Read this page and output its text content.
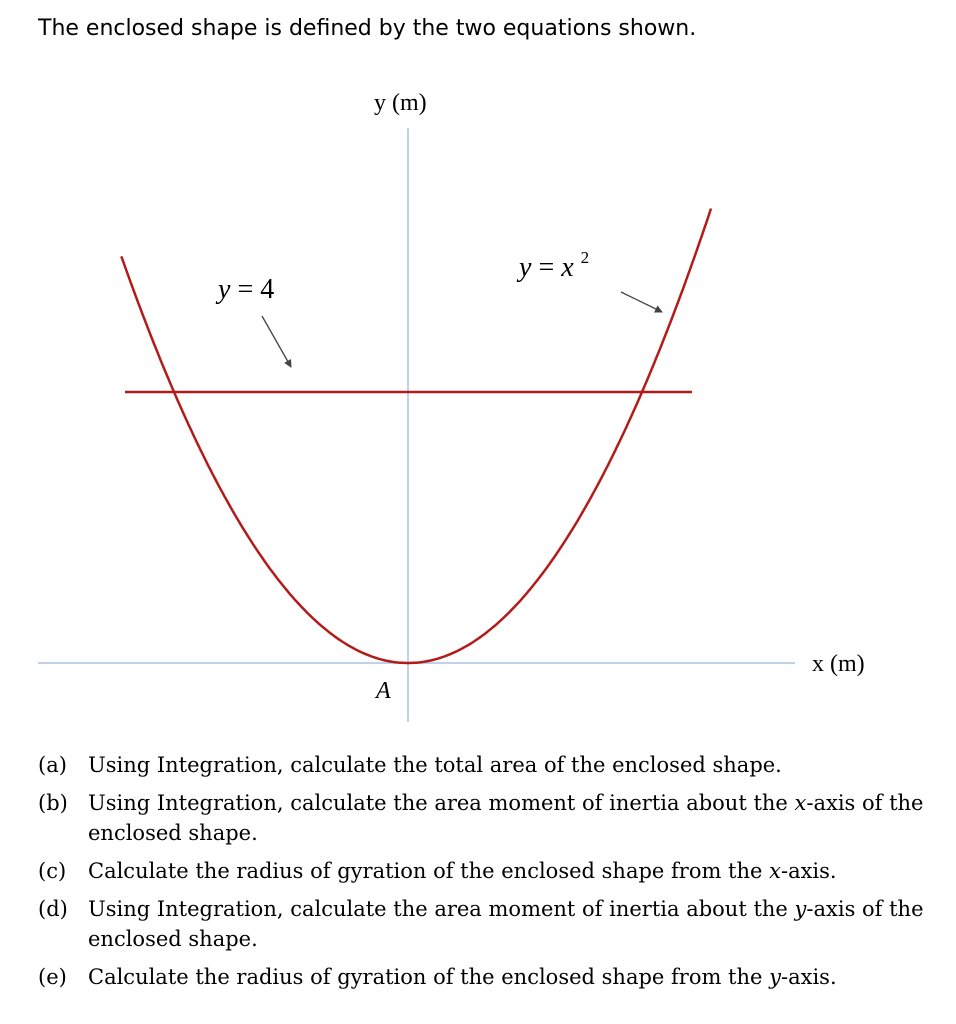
The enclosed shape is defined by the two equations shown.

y (m)
x (m)
A
y = 4
y = x $^2$
(a)	Using Integration, calculate the total area of the enclosed shape.
(b) Using Integration, calculate the area moment of inertia about the x-axis of the enclosed shape.
(c)	Calculate the radius of gyration of the enclosed shape from the x-axis.
(d) Using Integration, calculate the area moment of inertia about the y-axis of the enclosed shape.
(e)	Calculate the radius of gyration of the enclosed shape from the y-axis.
